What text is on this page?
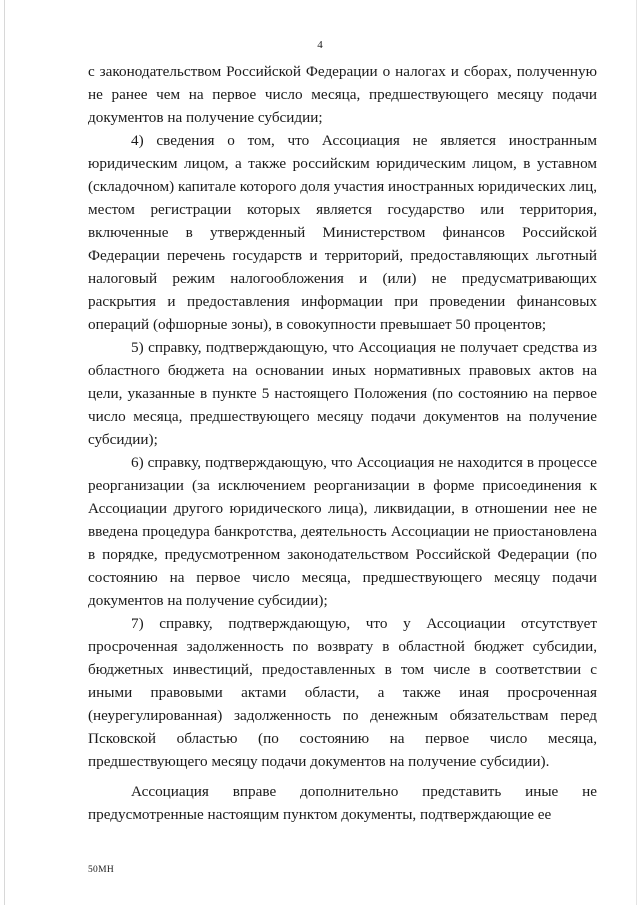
4

с законодательством Российской Федерации о налогах и сборах, полученную не ранее чем на первое число месяца, предшествующего месяцу подачи документов на получение субсидии;

4) сведения о том, что Ассоциация не является иностранным юридическим лицом, а также российским юридическим лицом, в уставном (складочном) капитале которого доля участия иностранных юридических лиц, местом регистрации которых является государство или территория, включенные в утвержденный Министерством финансов Российской Федерации перечень государств и территорий, предоставляющих льготный налоговый режим налогообложения и (или) не предусматривающих раскрытия и предоставления информации при проведении финансовых операций (офшорные зоны), в совокупности превышает 50 процентов;

5) справку, подтверждающую, что Ассоциация не получает средства из областного бюджета на основании иных нормативных правовых актов на цели, указанные в пункте 5 настоящего Положения (по состоянию на первое число месяца, предшествующего месяцу подачи документов на получение субсидии);

6) справку, подтверждающую, что Ассоциация не находится в процессе реорганизации (за исключением реорганизации в форме присоединения к Ассоциации другого юридического лица), ликвидации, в отношении нее не введена процедура банкротства, деятельность Ассоциации не приостановлена в порядке, предусмотренном законодательством Российской Федерации (по состоянию на первое число месяца, предшествующего месяцу подачи документов на получение субсидии);

7) справку, подтверждающую, что у Ассоциации отсутствует просроченная задолженность по возврату в областной бюджет субсидии, бюджетных инвестиций, предоставленных в том числе в соответствии с иными правовыми актами области, а также иная просроченная (неурегулированная) задолженность по денежным обязательствам перед Псковской областью (по состоянию на первое число месяца, предшествующего месяцу подачи документов на получение субсидии).

Ассоциация вправе дополнительно представить иные не предусмотренные настоящим пунктом документы, подтверждающие ее

50МН
